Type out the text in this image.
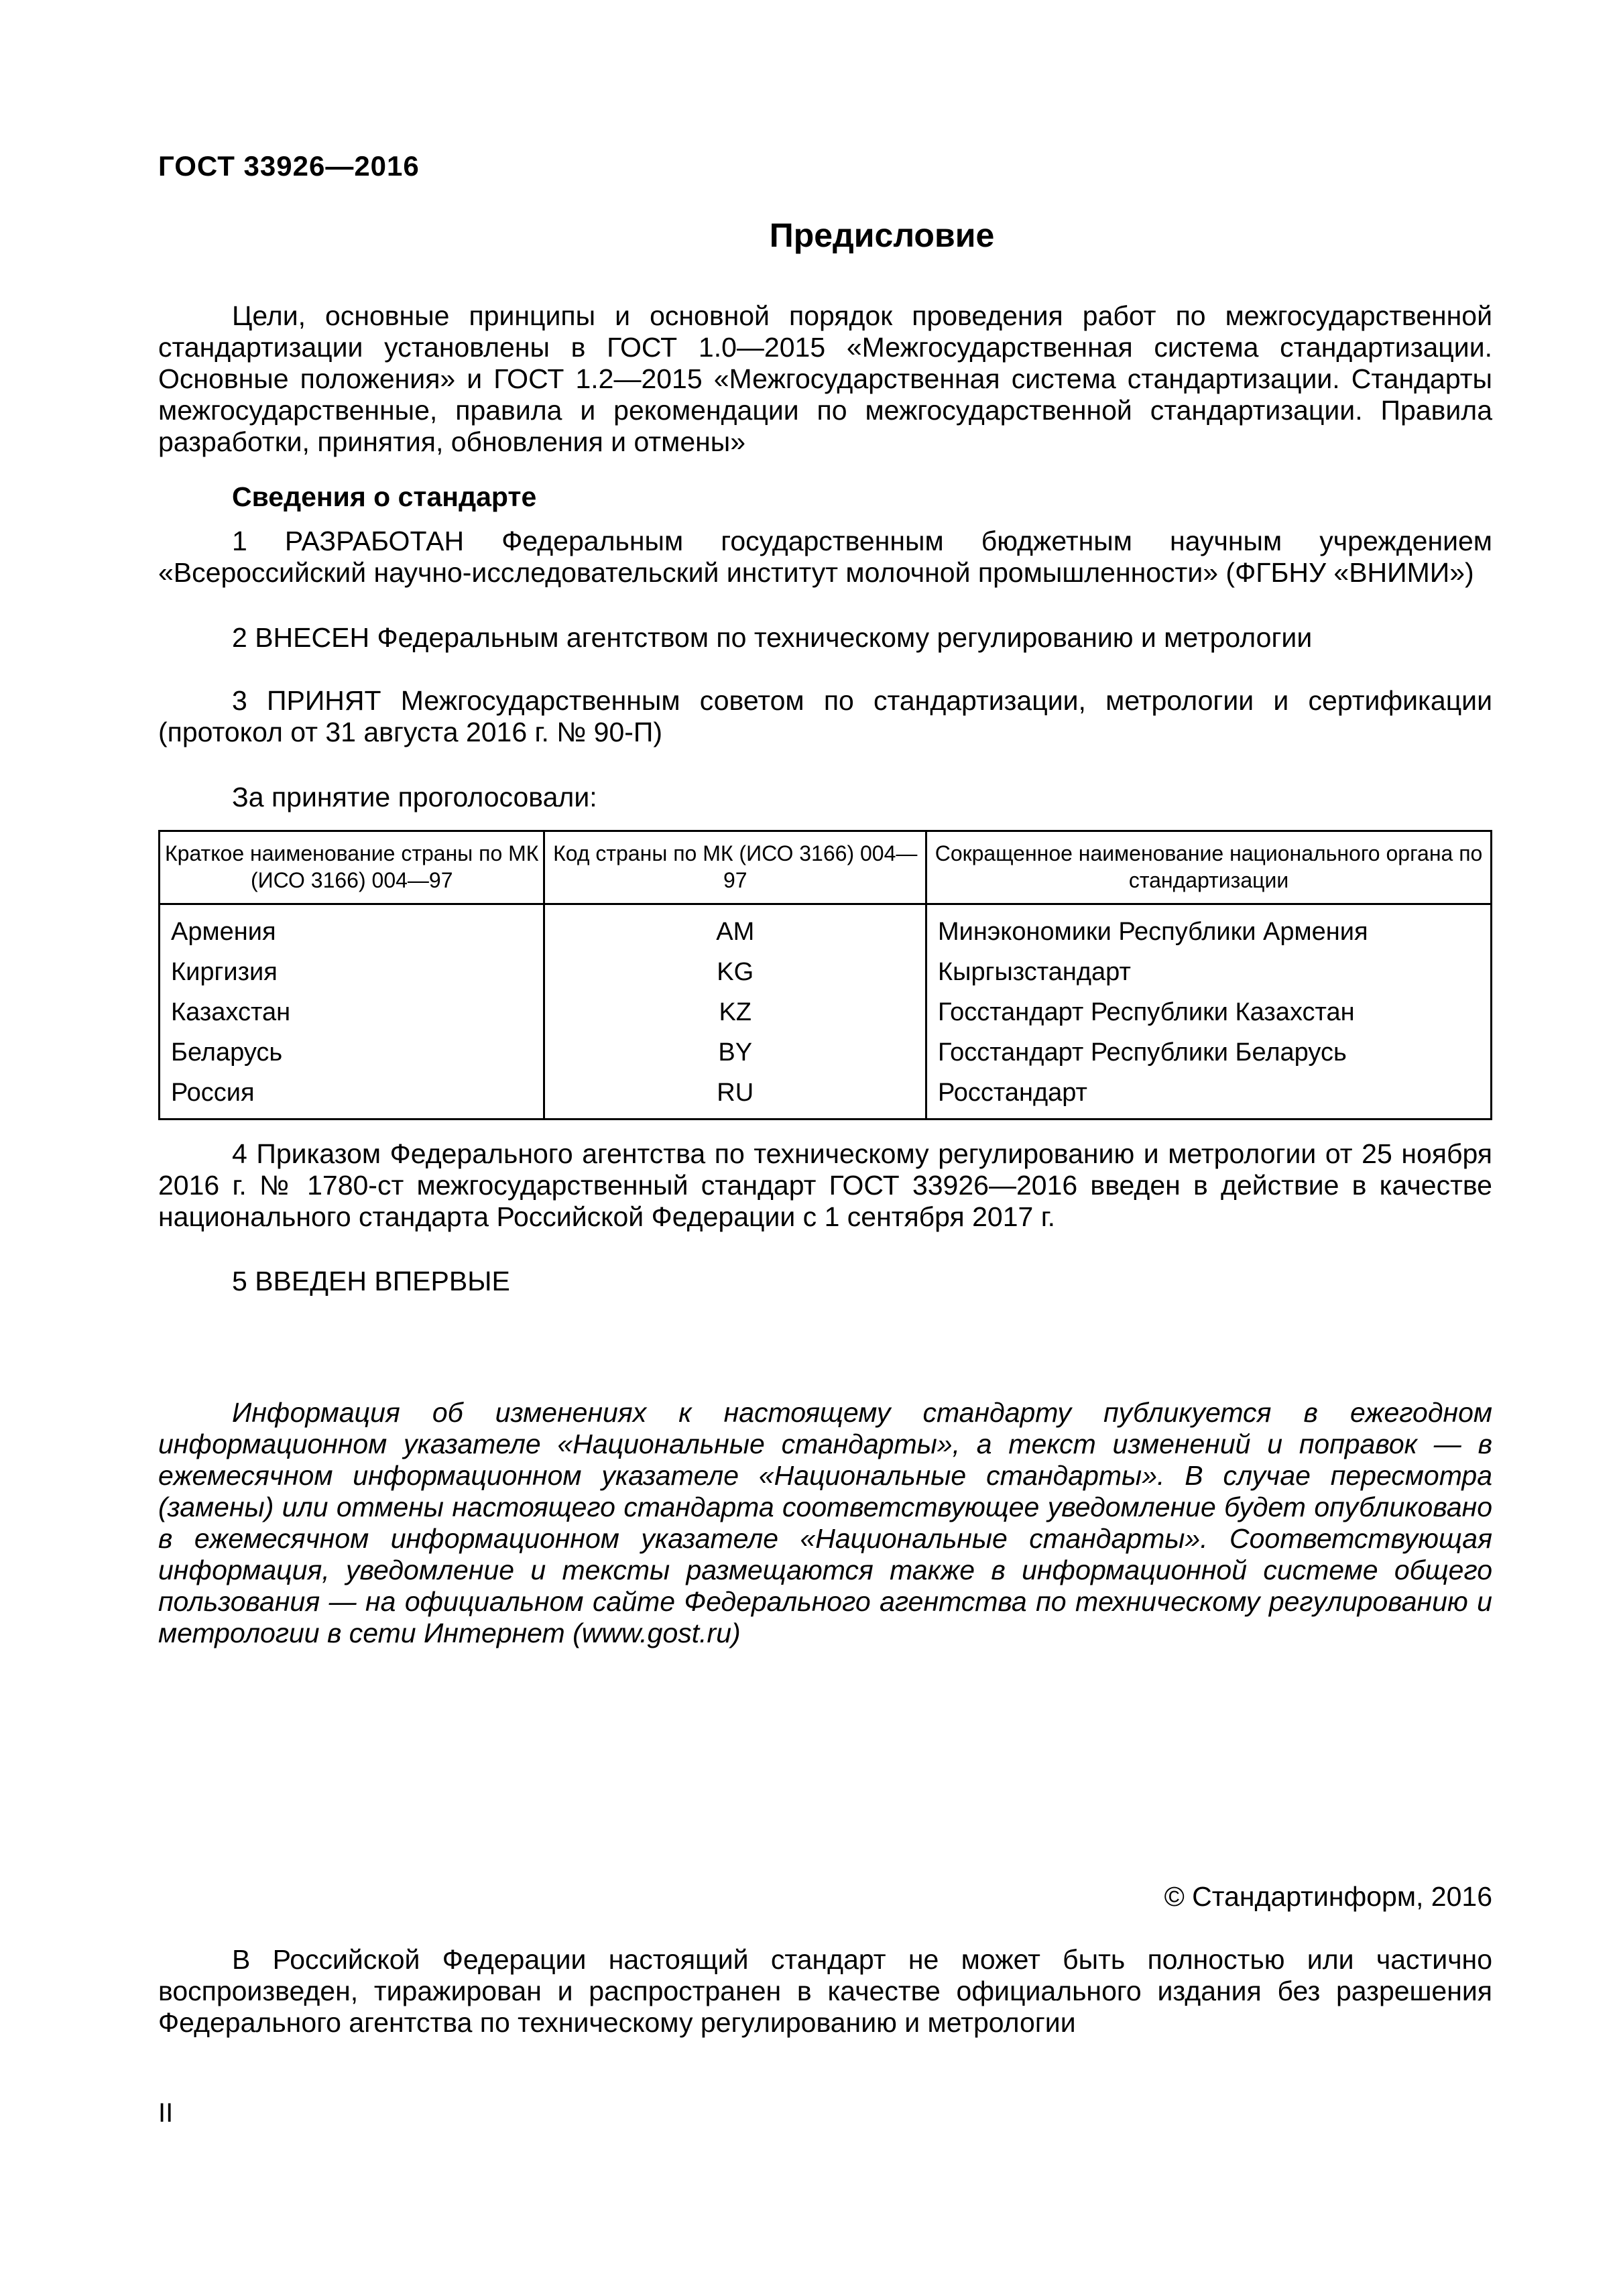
ГОСТ 33926—2016
Предисловие
Цели, основные принципы и основной порядок проведения работ по межгосударственной стандартизации установлены в ГОСТ 1.0—2015 «Межгосударственная система стандартизации. Основные положения» и ГОСТ 1.2—2015 «Межгосударственная система стандартизации. Стандарты межгосударственные, правила и рекомендации по межгосударственной стандартизации. Правила разработки, принятия, обновления и отмены»
Сведения о стандарте
1 РАЗРАБОТАН Федеральным государственным бюджетным научным учреждением «Всероссийский научно-исследовательский институт молочной промышленности» (ФГБНУ «ВНИМИ»)
2 ВНЕСЕН Федеральным агентством по техническому регулированию и метрологии
3 ПРИНЯТ Межгосударственным советом по стандартизации, метрологии и сертификации (протокол от 31 августа 2016 г. № 90-П)
За принятие проголосовали:
Краткое наименование страны по МК (ИСО 3166) 004—97	Код страны по МК (ИСО 3166) 004—97	Сокращенное наименование национального органа по стандартизации
Армения	AM	Минэкономики Республики Армения
Киргизия	KG	Кыргызстандарт
Казахстан	KZ	Госстандарт Республики Казахстан
Беларусь	BY	Госстандарт Республики Беларусь
Россия	RU	Росстандарт
4 Приказом Федерального агентства по техническому регулированию и метрологии от 25 ноября 2016 г. № 1780-ст межгосударственный стандарт ГОСТ 33926—2016 введен в действие в качестве национального стандарта Российской Федерации с 1 сентября 2017 г.
5 ВВЕДЕН ВПЕРВЫЕ
Информация об изменениях к настоящему стандарту публикуется в ежегодном информационном указателе «Национальные стандарты», а текст изменений и поправок — в ежемесячном информационном указателе «Национальные стандарты». В случае пересмотра (замены) или отмены настоящего стандарта соответствующее уведомление будет опубликовано в ежемесячном информационном указателе «Национальные стандарты». Соответствующая информация, уведомление и тексты размещаются также в информационной системе общего пользования — на официальном сайте Федерального агентства по техническому регулированию и метрологии в сети Интернет (www.gost.ru)
© Стандартинформ, 2016
В Российской Федерации настоящий стандарт не может быть полностью или частично воспроизведен, тиражирован и распространен в качестве официального издания без разрешения Федерального агентства по техническому регулированию и метрологии
II
